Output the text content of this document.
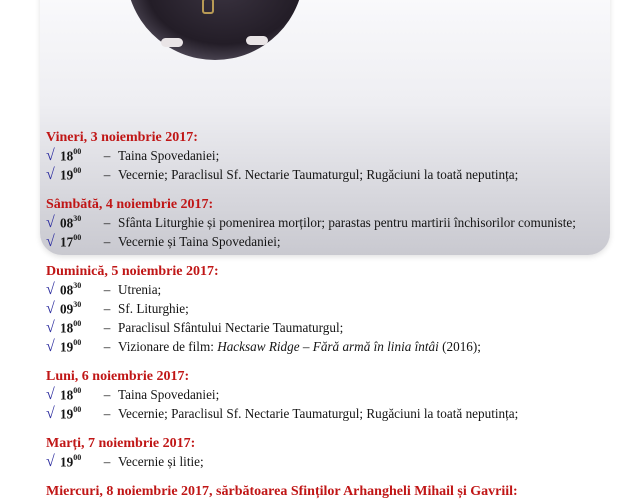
Vineri, 3 noiembrie 2017:
√ $18^{00}$	– Taina Spovedaniei;
√ $19^{00}$	– Vecernie; Paraclisul Sf. Nectarie Taumaturgul; Rugăciuni la toată neputința;
Sâmbătă, 4 noiembrie 2017:
√ $08^{30}$	– Sfânta Liturghie și pomenirea morților; parastas pentru martirii închisorilor comuniste;
√ $17^{00}$	– Vecernie și Taina Spovedaniei;
Duminică, 5 noiembrie 2017:
√ $08^{30}$	– Utrenia;
√ $09^{30}$	– Sf. Liturghie;
√ $18^{00}$	– Paraclisul Sfântului Nectarie Taumaturgul;
√ $19^{00}$	– Vizionare de film: Hacksaw Ridge – Fără armă în linia întâi (2016);
Luni, 6 noiembrie 2017:
√ $18^{00}$	– Taina Spovedaniei;
√ $19^{00}$	– Vecernie; Paraclisul Sf. Nectarie Taumaturgul; Rugăciuni la toată neputința;
Marți, 7 noiembrie 2017:
√ $19^{00}$	– Vecernie și litie;
Miercuri, 8 noiembrie 2017, sărbătoarea Sfinților Arhangheli Mihail și Gavriil:
